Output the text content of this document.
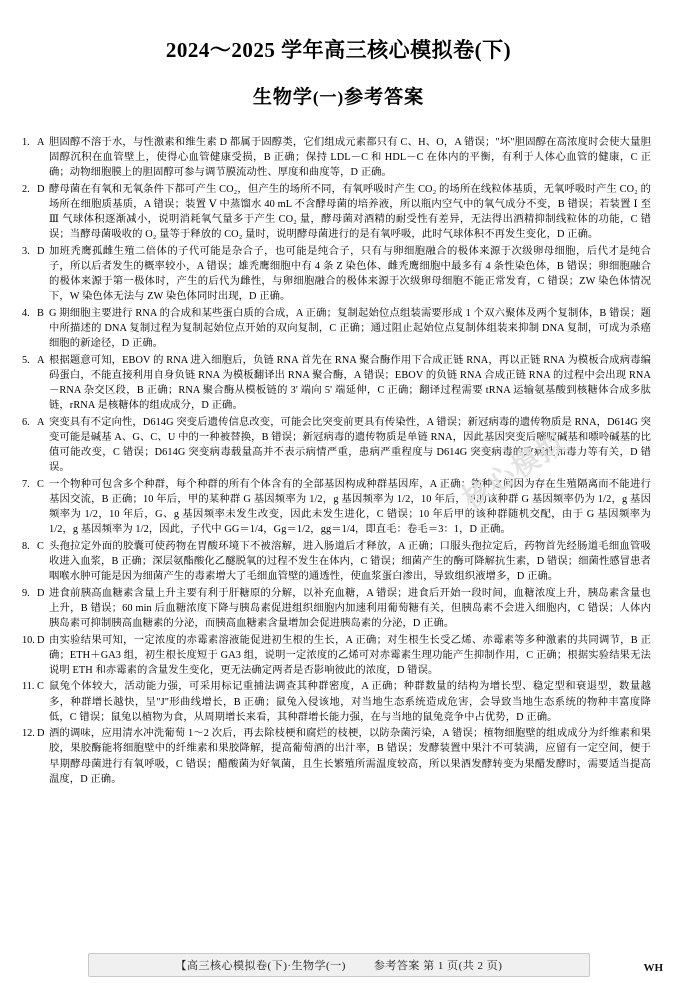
2024～2025 学年高三核心模拟卷(下)
生物学(一)参考答案
核心模拟
1. A 胆固醇不溶于水，与性激素和维生素 D 都属于固醇类，它们组成元素都只有 C、H、O，A 错误；"坏"胆固醇在高浓度时会使大量胆固醇沉积在血管壁上，使得心血管健康受损，B 正确；保持 LDL－C 和 HDL－C 在体内的平衡，有利于人体心血管的健康，C 正确；动物细胞膜上的胆固醇可参与调节膜流动性、厚度和曲度等，D 正确。
2. D 酵母菌在有氧和无氧条件下都可产生 CO₂，但产生的场所不同，有氧呼吸时产生 CO₂ 的场所在线粒体基质，无氧呼吸时产生 CO₂ 的场所在细胞质基质，A 错误；装置 Ⅴ 中蒸馏水 40 mL 不含酵母菌的培养液，所以瓶内空气中的氧气成分不变，B 错误；若装置 Ⅰ 至 Ⅲ 气球体积逐渐减小，说明消耗氧气量多于产生 CO₂ 量，酵母菌对酒精的耐受性有差异，无法得出酒精抑制线粒体的功能，C 错误；当酵母菌吸收的 O₂ 量等于释放的 CO₂ 量时，说明酵母菌进行的是有氧呼吸，此时气球体积不再发生变化，D 正确。
3. D 加班秃鹰孤雌生殖二倍体的子代可能是杂合子，也可能是纯合子，只有与卵细胞融合的极体来源于次级卵母细胞，后代才是纯合子，所以后者发生的概率较小，A 错误；雄秃鹰细胞中有 4 条 Z 染色体、雌秃鹰细胞中最多有 4 条性染色体，B 错误；卵细胞融合的极体来源于第一极体时，产生的后代为雌性，与卵细胞融合的极体来源于次级卵母细胞不能正常发育，C 错误；ZW 染色体情况下，W 染色体无法与 ZW 染色体同时出现，D 正确。
4. B G 期细胞主要进行 RNA 的合成和某些蛋白质的合成，A 正确；复制起始位点组装需要形成 1 个双六聚体及两个复制体，B 错误；题中所描述的 DNA 复制过程为复制起始位点开始的双向复制，C 正确；通过阻止起始位点复制体组装来抑制 DNA 复制，可成为杀癌细胞的新途径，D 正确。
5. A 根据题意可知，EBOV 的 RNA 进入细胞后，负链 RNA 首先在 RNA 聚合酶作用下合成正链 RNA，再以正链 RNA 为模板合成病毒编码蛋白，不能直接利用自身负链 RNA 为模板翻译出 RNA 聚合酶，A 错误；EBOV 的负链 RNA 合成正链 RNA 的过程中会出现 RNA－RNA 杂交区段，B 正确；RNA 聚合酶从模板链的 3' 端向 5' 端延伸，C 正确；翻译过程需要 tRNA 运输氨基酸到核糖体合成多肽链，rRNA 是核糖体的组成成分，D 正确。
6. A 突变具有不定向性，D614G 突变后遗传信息改变，可能会比突变前更具有传染性，A 错误；新冠病毒的遗传物质是 RNA，D614G 突变可能是碱基 A、G、C、U 中的一种被替换，B 错误；新冠病毒的遗传物质是单链 RNA，因此基因突变后嘧啶碱基和嘌呤碱基的比值可能改变，C 错误；D614G 突变病毒载量高并不表示病情严重，患病严重程度与 D614G 突变病毒的致病性和毒力等有关，D 错误。
7. C 一个物种可包含多个种群，每个种群的所有个体含有的全部基因构成种群基因库，A 正确；物种之间因为存在生殖隔离而不能进行基因交流，B 正确；10 年后，甲的某种群 G 基因频率为 1/2，g 基因频率为 1/2，10 年后，甲的该种群 G 基因频率仍为 1/2，g 基因频率为 1/2，10 年后，G、g 基因频率未发生改变，因此未发生进化，C 错误；10 年后甲的该种群随机交配，由于 G 基因频率为 1/2，g 基因频率为 1/2，因此，子代中 GG＝1/4，Gg＝1/2，gg＝1/4，即直毛：卷毛＝3：1，D 正确。
8. C 头孢拉定外面的胶囊可使药物在胃酸环境下不被溶解，进入肠道后才释放，A 正确；口服头孢拉定后，药物首先经肠道毛细血管吸收进入血浆，B 正确；深层氨酯酸化乙醚脱氧的过程不发生在体内，C 错误；细菌产生的酶可降解抗生素，D 错误；细菌性感冒患者咽喉水肿可能是因为细菌产生的毒素增大了毛细血管壁的通透性，使血浆蛋白渗出，导致组织液增多，D 正确。
9. D 进食前胰高血糖素含量上升主要有利于肝糖原的分解，以补充血糖，A 错误；进食后开始一段时间，血糖浓度上升，胰岛素含量也上升，B 错误；60 min 后血糖浓度下降与胰岛素促进组织细胞内加速利用葡萄糖有关，但胰岛素不会进入细胞内，C 错误；人体内胰岛素可抑制胰高血糖素的分泌，而胰高血糖素含量增加会促进胰岛素的分泌，D 正确。
10. D 由实验结果可知，一定浓度的赤霉素溶液能促进初生根的生长，A 正确；对生根生长受乙烯、赤霉素等多种激素的共同调节，B 正确；ETH＋GA3 组，初生根长度短于 GA3 组，说明一定浓度的乙烯可对赤霉素生理功能产生抑制作用，C 正确；根据实验结果无法说明 ETH 和赤霉素的含量发生变化，更无法确定两者是否影响彼此的浓度，D 错误。
11. C 鼠兔个体较大，活动能力强，可采用标记重捕法调查其种群密度，A 正确；种群数量的结构为增长型、稳定型和衰退型，数量越多，种群增长越快，呈"J"形曲线增长，B 正确；鼠兔入侵该地，对当地生态系统造成危害，会导致当地生态系统的物种丰富度降低，C 错误；鼠兔以植物为食，从周期增长来看，其种群增长能力强，在与当地的鼠兔竞争中占优势，D 正确。
12. D 酒的调味，应用清水冲洗葡萄 1～2 次后，再去除枝梗和腐烂的枝梗，以防杂菌污染，A 错误；植物细胞壁的组成成分为纤维素和果胶，果胶酶能将细胞壁中的纤维素和果胶降解，提高葡萄酒的出汁率，B 错误；发酵装置中果汁不可装满，应留有一定空间，便于早期酵母菌进行有氧呼吸，C 错误；醋酸菌为好氧菌，且生长繁殖所需温度较高，所以果酒发酵转变为果醋发酵时，需要适当提高温度，D 正确。
【高三核心模拟卷(下)·生物学(一)	参考答案 第 1 页(共 2 页)	WH
